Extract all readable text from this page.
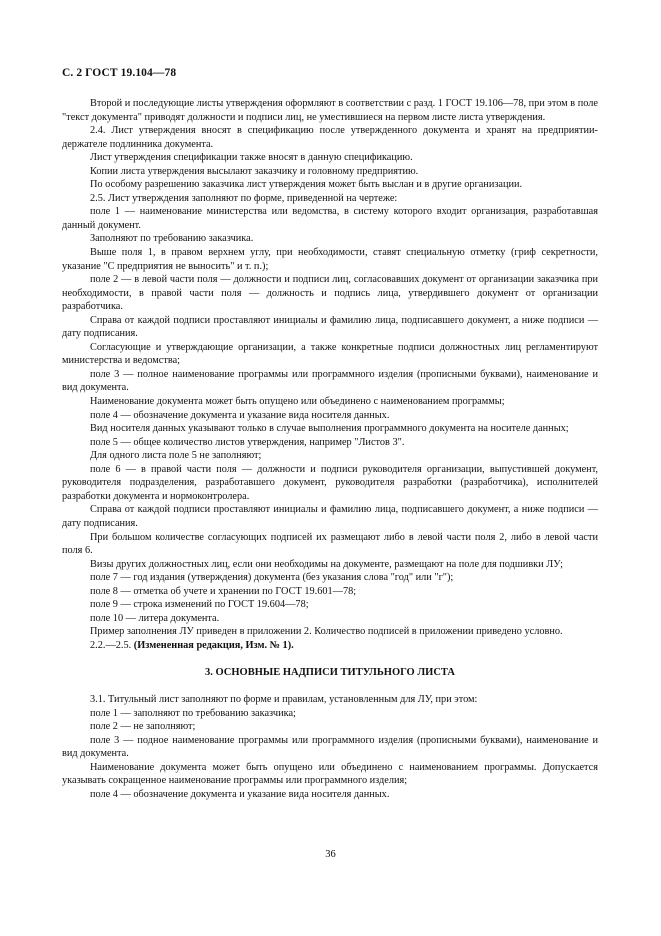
С. 2 ГОСТ 19.104—78

Второй и последующие листы утверждения оформляют в соответствии с разд. 1 ГОСТ 19.106—78, при этом в поле "текст документа" приводят должности и подписи лиц, не уместившиеся на первом листе листа утверждения.

2.4. Лист утверждения вносят в спецификацию после утвержденного документа и хранят на предприятии-держателе подлинника документа.

Лист утверждения спецификации также вносят в данную спецификацию.

Копии листа утверждения высылают заказчику и головному предприятию.

По особому разрешению заказчика лист утверждения может быть выслан и в другие организации.

2.5. Лист утверждения заполняют по форме, приведенной на чертеже:

поле 1 — наименование министерства или ведомства, в систему которого входит организация, разработавшая данный документ.

Заполняют по требованию заказчика.

Выше поля 1, в правом верхнем углу, при необходимости, ставят специальную отметку (гриф секретности, указание "С предприятия не выносить" и т. п.);

поле 2 — в левой части поля — должности и подписи лиц, согласовавших документ от организации заказчика при необходимости, в правой части поля — должность и подпись лица, утвердившего документ от организации разработчика.

Справа от каждой подписи проставляют инициалы и фамилию лица, подписавшего документ, а ниже подписи — дату подписания.

Согласующие и утверждающие организации, а также конкретные подписи должностных лиц регламентируют министерства и ведомства;

поле 3 — полное наименование программы или программного изделия (прописными буквами), наименование и вид документа.

Наименование документа может быть опущено или объединено с наименованием программы;

поле 4 — обозначение документа и указание вида носителя данных.

Вид носителя данных указывают только в случае выполнения программного документа на носителе данных;

поле 5 — общее количество листов утверждения, например "Листов 3".

Для одного листа поле 5 не заполняют;

поле 6 — в правой части поля — должности и подписи руководителя организации, выпустившей документ, руководителя подразделения, разработавшего документ, руководителя разработки (разработчика), исполнителей разработки документа и нормоконтролера.

Справа от каждой подписи проставляют инициалы и фамилию лица, подписавшего документ, а ниже подписи — дату подписания.

При большом количестве согласующих подписей их размещают либо в левой части поля 2, либо в левой части поля 6.

Визы других должностных лиц, если они необходимы на документе, размещают на поле для подшивки ЛУ;

поле 7 — год издания (утверждения) документа (без указания слова "год" или "г");

поле 8 — отметка об учете и хранении по ГОСТ 19.601—78;

поле 9 — строка изменений по ГОСТ 19.604—78;

поле 10 — литера документа.

Пример заполнения ЛУ приведен в приложении 2. Количество подписей в приложении приведено условно.

2.2.—2.5. (Измененная редакция, Изм. № 1).

3. ОСНОВНЫЕ НАДПИСИ ТИТУЛЬНОГО ЛИСТА

3.1. Титульный лист заполняют по форме и правилам, установленным для ЛУ, при этом:

поле 1 — заполняют по требованию заказчика;

поле 2 — не заполняют;

поле 3 — подное наименование программы или программного изделия (прописными буквами), наименование и вид документа.

Наименование документа может быть опущено или объединено с наименованием программы. Допускается указывать сокращенное наименование программы или программного изделия;

поле 4 — обозначение документа и указание вида носителя данных.

36
